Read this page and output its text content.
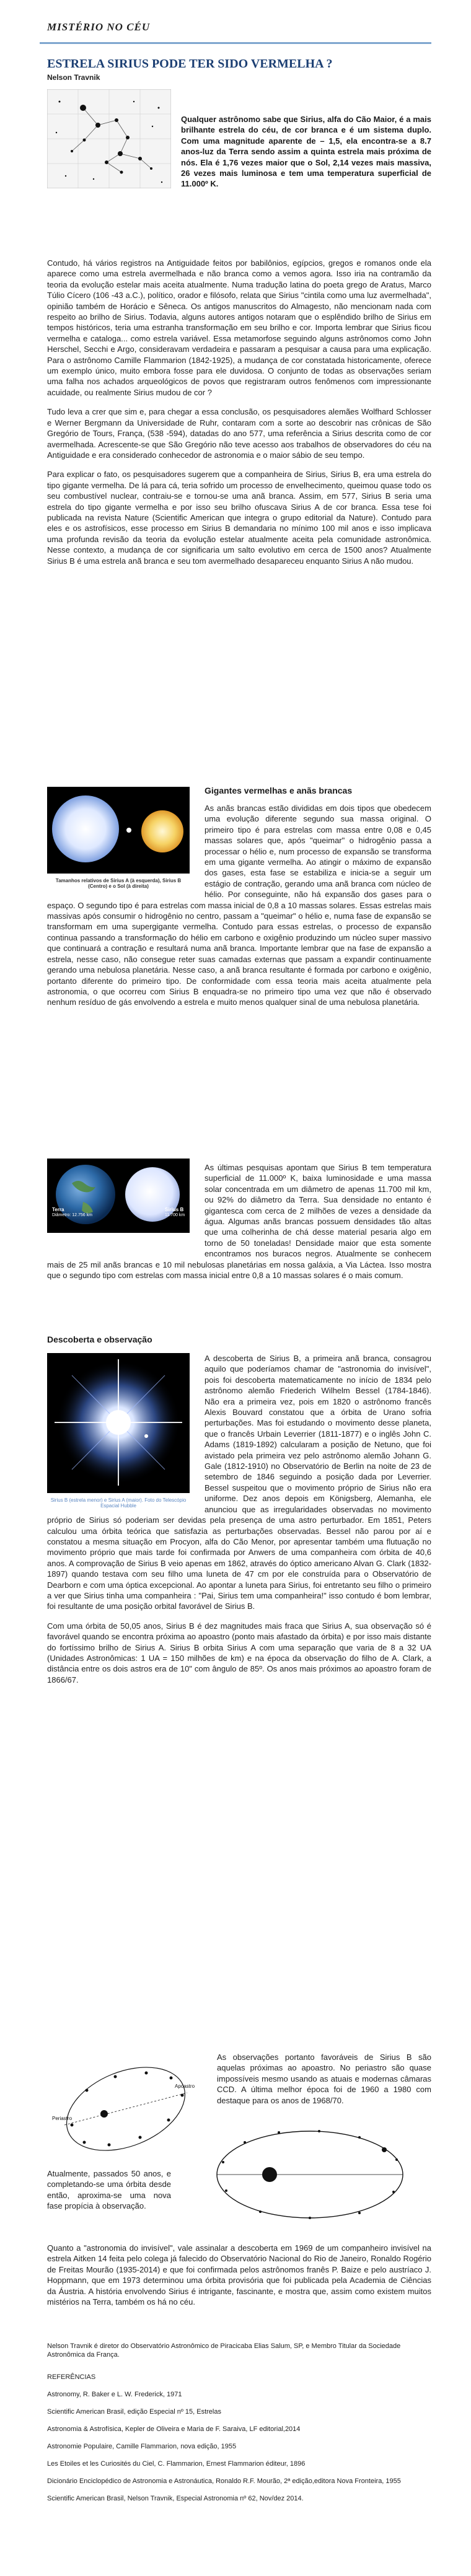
MISTÉRIO NO CÉU
ESTRELA SIRIUS PODE TER SIDO VERMELHA ?
Nelson Travnik
Qualquer astrônomo sabe que Sirius, alfa do Cão Maior, é a mais brilhante estrela do céu, de cor branca e é um sistema duplo. Com uma magnitude aparente de – 1,5, ela encontra-se a 8.7 anos-luz da Terra sendo assim a quinta estrela mais próxima de nós. Ela é 1,76 vezes maior que o Sol, 2,14 vezes mais massiva, 26 vezes mais luminosa e tem uma temperatura superficial de 11.000º K.

Contudo, há vários registros na Antiguidade feitos por babilônios, egípcios, gregos e romanos onde ela aparece como uma estrela avermelhada e não branca como a vemos agora. Isso iria na contramão da teoria da evolução estelar mais aceita atualmente. Numa tradução latina do poeta grego de Aratus, Marco Túlio Cícero (106 -43 a.C.), político, orador e filósofo, relata que Sirius "cintila como uma luz avermelhada", opinião também de Horácio e Sêneca. Os antigos manuscritos do Almagesto, não mencionam nada com respeito ao brilho de Sirius. Todavia, alguns autores antigos notaram que o esplêndido brilho de Sirius em tempos históricos, teria uma estranha transformação em seu brilho e cor. Importa lembrar que Sirius ficou vermelha e cataloga... como estrela variável. Essa metamorfose seguindo alguns astrônomos como John Herschel, Secchi e Argo, consideravam verdadeira e passaram a pesquisar a causa para uma explicação. Para o astrônomo Camille Flammarion (1842-1925), a mudança de cor constatada historicamente, oferece um exemplo único, muito embora fosse para ele duvidosa. O conjunto de todas as observações seriam uma falha nos achados arqueológicos de povos que registraram outros fenômenos com impressionante acuidade, ou realmente Sirius mudou de cor ?

Tudo leva a crer que sim e, para chegar a essa conclusão, os pesquisadores alemães Wolfhard Schlosser e Werner Bergmann da Universidade de Ruhr, contaram com a sorte ao descobrir nas crônicas de São Gregório de Tours, França, (538 -594), datadas do ano 577, uma referência a Sirius descrita como de cor avermelhada. Acrescente-se que São Gregório não teve acesso aos trabalhos de observadores do céu na Antiguidade e era considerado conhecedor de astronomia e o maior sábio de seu tempo.

Para explicar o fato, os pesquisadores sugerem que a companheira de Sirius, Sirius B, era uma estrela do tipo gigante vermelha. De lá para cá, teria sofrido um processo de envelhecimento, queimou quase todo os seu combustível nuclear, contraiu-se e tornou-se uma anã branca. Assim, em 577, Sirius B seria uma estrela do tipo gigante vermelha e por isso seu brilho ofuscava Sirius A de cor branca. Essa tese foi publicada na revista Nature (Scientific American que integra o grupo editorial da Nature). Contudo para eles e os astrofísicos, esse processo em Sirius B demandaria no mínimo 100 mil anos e isso implicava uma profunda revisão da teoria da evolução estelar atualmente aceita pela comunidade astronômica. Nesse contexto, a mudança de cor significaria um salto evolutivo em cerca de 1500 anos? Atualmente Sirius B é uma estrela anã branca e seu tom avermelhado desapareceu enquanto Sirius A não mudou.

Tamanhos relativos de Sirius A (à esquerda), Sirius B (Centro) e o Sol (à direita)
Gigantes vermelhas e anãs brancas

As anãs brancas estão divididas em dois tipos que obedecem uma evolução diferente segundo sua massa original. O primeiro tipo é para estrelas com massa entre 0,08 e 0,45 massas solares que, após "queimar" o hidrogênio passa a processar o hélio e, num processo de expansão se transforma em uma gigante vermelha. Ao atingir o máximo de expansão dos gases, esta fase se estabiliza e inicia-se a seguir um estágio de contração, gerando uma anã branca com núcleo de hélio. Por conseguinte, não há expansão dos gases para o espaço. O segundo tipo é para estrelas com massa inicial de 0,8 a 10 massas solares. Essas estrelas mais massivas após consumir o hidrogênio no centro, passam a "queimar" o hélio e, numa fase de expansão se transformam em uma supergigante vermelha. Contudo para essas estrelas, o processo de expansão continua passando a transformação do hélio em carbono e oxigênio produzindo um núcleo super massivo que continuará a contração e resultará numa anã branca. Importante lembrar que na fase de expansão a estrela, nesse caso, não consegue reter suas camadas externas que passam a expandir continuamente gerando uma nebulosa planetária. Nesse caso, a anã branca resultante é formada por carbono e oxigênio, portanto diferente do primeiro tipo. De conformidade com essa teoria mais aceita atualmente pela astronomia, o que ocorreu com Sirius B enquadra-se no primeiro tipo uma vez que não é observado nenhum resíduo de gás envolvendo a estrela e muito menos qualquer sinal de uma nebulosa planetária.

Terra
Diâmetro: 12.756 km
Sirius B
11.700 km

As últimas pesquisas apontam que Sirius B tem temperatura superficial de 11.000º K, baixa luminosidade e uma massa solar concentrada em um diâmetro de apenas 11.700 mil km, ou 92% do diâmetro da Terra. Sua densidade no entanto é gigantesca com cerca de 2 milhões de vezes a densidade da água. Algumas anãs brancas possuem densidades tão altas que uma colherinha de chá desse material pesaria algo em torno de 50 toneladas! Densidade maior que esta somente encontramos nos buracos negros. Atualmente se conhecem mais de 25 mil anãs brancas e 10 mil nebulosas planetárias em nossa galáxia, a Via Láctea. Isso mostra que o segundo tipo com estrelas com massa inicial entre 0,8 a 10 massas solares é o mais comum.

Descoberta e observação
Sirius B (estrela menor) e Sirius A (maior). Foto do Telescópio Espacial Hubble

A descoberta de Sirius B, a primeira anã branca, consagrou aquilo que poderíamos chamar de "astronomia do invisível", pois foi descoberta matematicamente no início de 1834 pelo astrônomo alemão Friederich Wilhelm Bessel (1784-1846). Não era a primeira vez, pois em 1820 o astrônomo francês Alexis Bouvard constatou que a órbita de Urano sofria perturbações. Mas foi estudando o movimento desse planeta, que o francês Urbain Leverrier (1811-1877) e o inglês John C. Adams (1819-1892) calcularam a posição de Netuno, que foi avistado pela primeira vez pelo astrônomo alemão Johann G. Gale (1812-1910) no Observatório de Berlin na noite de 23 de setembro de 1846 seguindo a posição dada por Leverrier. Bessel suspeitou que o movimento próprio de Sirius não era uniforme. Dez anos depois em Königsberg, Alemanha, ele anunciou que as irregularidades observadas no movimento próprio de Sirius só poderiam ser devidas pela presença de uma astro perturbador. Em 1851, Peters calculou uma órbita teórica que satisfazia as perturbações observadas. Bessel não parou por aí e constatou a mesma situação em Procyon, alfa do Cão Menor, por apresentar também uma flutuação no movimento próprio que mais tarde foi confirmada por Anwers de uma companheira com órbita de 40,6 anos. A comprovação de Sirius B veio apenas em 1862, através do óptico americano Alvan G. Clark (1832-1897) quando testava com seu filho uma luneta de 47 cm por ele construída para o Observatório de Dearborn e com uma óptica excepcional. Ao apontar a luneta para Sirius, foi entretanto seu filho o primeiro a ver que Sirius tinha uma companheira : "Pai, Sirius tem uma companheira!" isso contudo é bom lembrar, foi resultante de uma posição orbital favorável de Sirius B.

Com uma órbita de 50,05 anos, Sirius B é dez magnitudes mais fraca que Sirius A, sua observação só é favorável quando se encontra próxima ao apoastro (ponto mais afastado da órbita) e por isso mais distante do fortíssimo brilho de Sirius A. Sirius B orbita Sirius A com uma separação que varia de 8 a 32 UA (Unidades Astronômicas: 1 UA = 150 milhões de km) e na época da observação do filho de A. Clark, a distância entre os dois astros era de 10" com ângulo de 85º. Os anos mais próximos ao apoastro foram de 1866/67.

Periastro
Apoastro

As observações portanto favoráveis de Sirius B são aquelas próximas ao apoastro. No periastro são quase impossíveis mesmo usando as atuais e modernas câmaras CCD. A última melhor época foi de 1960 a 1980 com destaque para os anos de 1968/70.

Atualmente, passados 50 anos, e completando-se uma órbita desde então, aproxima-se uma nova fase propícia à observação.

Quanto a "astronomia do invisível", vale assinalar a descoberta em 1969 de um companheiro invisível na estrela Aitken 14 feita pelo colega já falecido do Observatório Nacional do Rio de Janeiro, Ronaldo Rogério de Freitas Mourão (1935-2014) e que foi confirmada pelos astrônomos franês P. Baize e pelo austríaco J. Hoppmann, que em 1973 determinou uma órbita provisória que foi publicada pela Academia de Ciências da Áustria. A história envolvendo Sirius é intrigante, fascinante, e mostra que, assim como existem muitos mistérios na Terra, também os há no céu.

Nelson Travnik é diretor do Observatório Astronômico de Piracicaba Elias Salum, SP, e Membro Titular da Sociedade Astronômica da França.
REFERÊNCIAS
Astronomy, R. Baker e L. W. Frederick, 1971
Scientific American Brasil, edição Especial nº 15, Estrelas
Astronomia & Astrofísica, Kepler de Oliveira e Maria de F. Saraiva, LF editorial,2014
Astronomie Populaire, Camille Flammarion, nova edição, 1955
Les Etoiles et les Curiosités du Ciel, C. Flammarion, Ernest Flammarion éditeur, 1896
Dicionário Enciclopédico de Astronomia e Astronáutica, Ronaldo R.F. Mourão, 2ª edição,editora Nova Fronteira, 1955
Scientific American Brasil, Nelson Travnik, Especial Astronomia nº 62, Nov/dez 2014.
